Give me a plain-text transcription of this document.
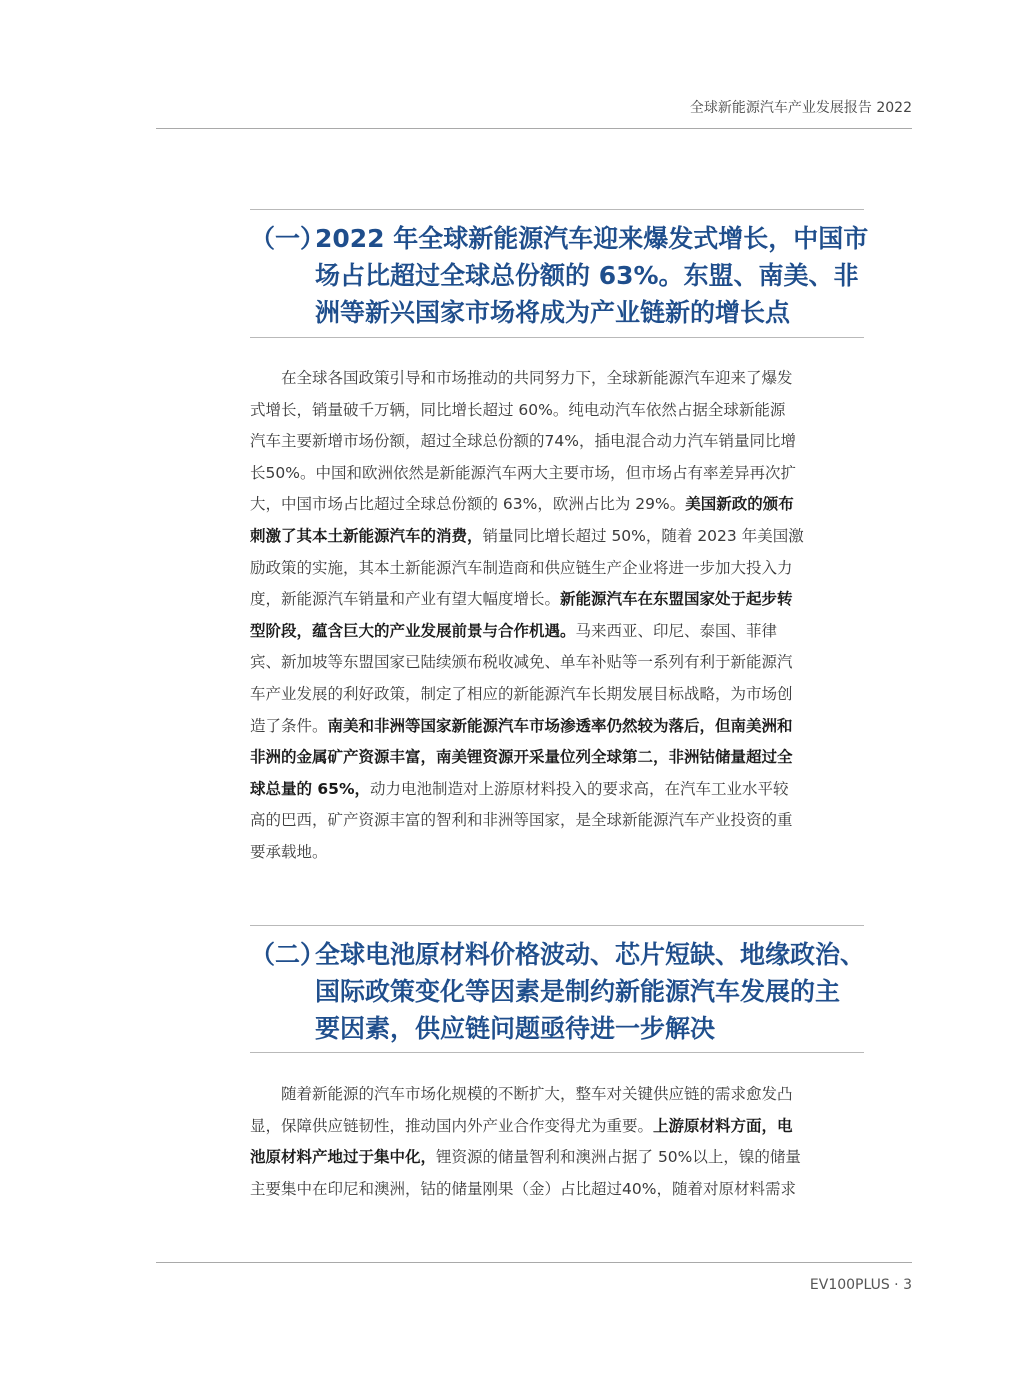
全球新能源汽车产业发展报告 2022
（一）
2022 年全球新能源汽车迎来爆发式增长，中国市
场占比超过全球总份额的 63%。东盟、南美、非
洲等新兴国家市场将成为产业链新的增长点
在全球各国政策引导和市场推动的共同努力下，全球新能源汽车迎来了爆发
式增长，销量破千万辆，同比增长超过 60%。纯电动汽车依然占据全球新能源
汽车主要新增市场份额，超过全球总份额的74%，插电混合动力汽车销量同比增
长50%。中国和欧洲依然是新能源汽车两大主要市场，但市场占有率差异再次扩
大，中国市场占比超过全球总份额的 63%，欧洲占比为 29%。美国新政的颁布
刺激了其本土新能源汽车的消费，销量同比增长超过 50%，随着 2023 年美国激
励政策的实施，其本土新能源汽车制造商和供应链生产企业将进一步加大投入力
度，新能源汽车销量和产业有望大幅度增长。新能源汽车在东盟国家处于起步转
型阶段，蕴含巨大的产业发展前景与合作机遇。马来西亚、印尼、泰国、菲律
宾、新加坡等东盟国家已陆续颁布税收减免、单车补贴等一系列有利于新能源汽
车产业发展的利好政策，制定了相应的新能源汽车长期发展目标战略，为市场创
造了条件。南美和非洲等国家新能源汽车市场渗透率仍然较为落后，但南美洲和
非洲的金属矿产资源丰富，南美锂资源开采量位列全球第二，非洲钴储量超过全
球总量的 65%，动力电池制造对上游原材料投入的要求高，在汽车工业水平较
高的巴西，矿产资源丰富的智利和非洲等国家，是全球新能源汽车产业投资的重
要承载地。
（二）
全球电池原材料价格波动、芯片短缺、地缘政治、
国际政策变化等因素是制约新能源汽车发展的主
要因素，供应链问题亟待进一步解决
随着新能源的汽车市场化规模的不断扩大，整车对关键供应链的需求愈发凸
显，保障供应链韧性，推动国内外产业合作变得尤为重要。上游原材料方面，电
池原材料产地过于集中化，锂资源的储量智利和澳洲占据了 50%以上，镍的储量
主要集中在印尼和澳洲，钴的储量刚果（金）占比超过40%，随着对原材料需求
EV100PLUS · 3
